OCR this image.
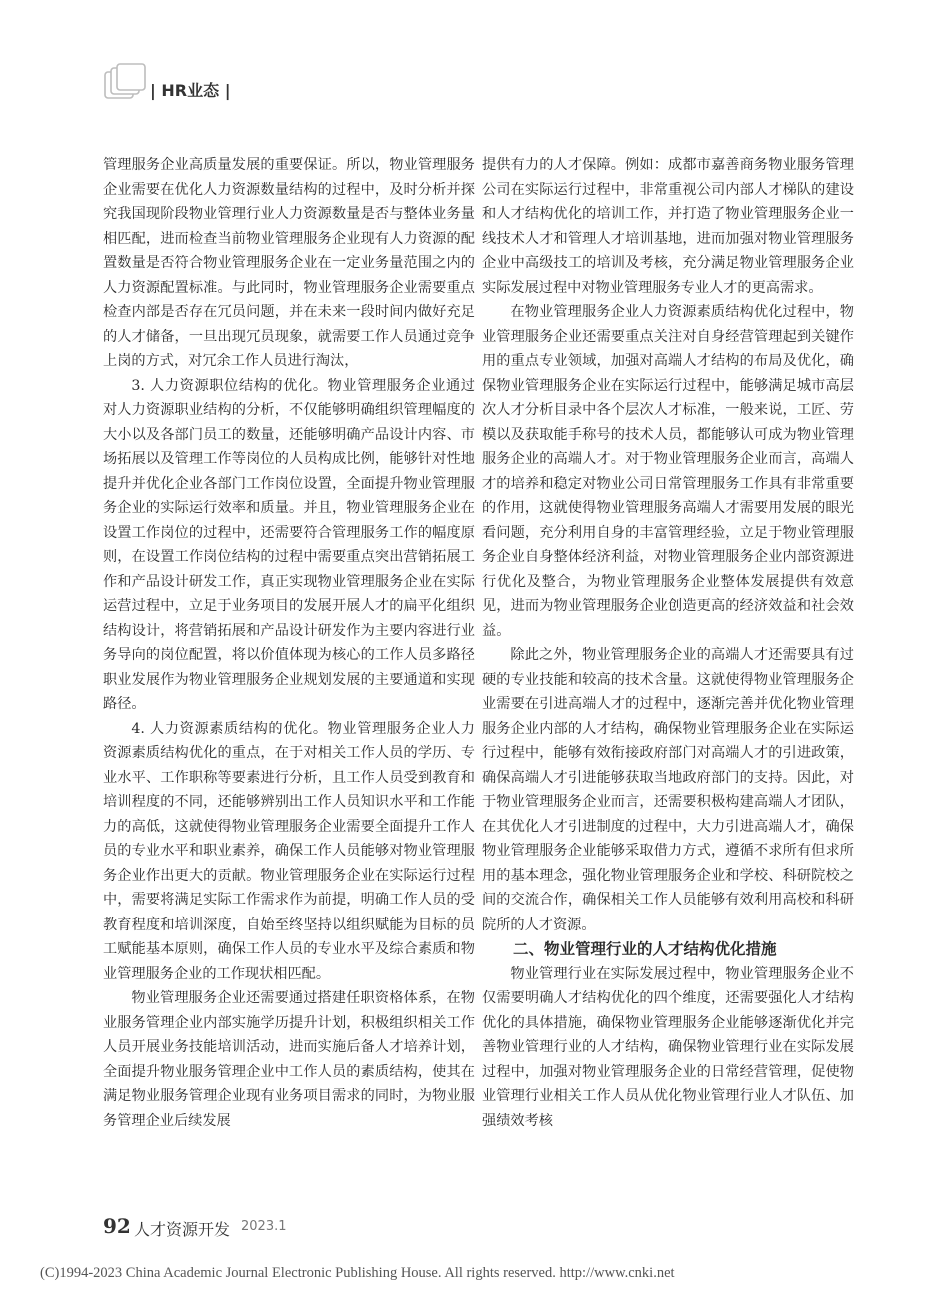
| HR业态 |

管理服务企业高质量发展的重要保证。所以，物业管理服务企业需要在优化人力资源数量结构的过程中，及时分析并探究我国现阶段物业管理行业人力资源数量是否与整体业务量相匹配，进而检查当前物业管理服务企业现有人力资源的配置数量是否符合物业管理服务企业在一定业务量范围之内的人力资源配置标准。与此同时，物业管理服务企业需要重点检查内部是否存在冗员问题，并在未来一段时间内做好充足的人才储备，一旦出现冗员现象，就需要工作人员通过竞争上岗的方式，对冗余工作人员进行淘汰，

3. 人力资源职位结构的优化。物业管理服务企业通过对人力资源职业结构的分析，不仅能够明确组织管理幅度的大小以及各部门员工的数量，还能够明确产品设计内容、市场拓展以及管理工作等岗位的人员构成比例，能够针对性地提升并优化企业各部门工作岗位设置，全面提升物业管理服务企业的实际运行效率和质量。并且，物业管理服务企业在设置工作岗位的过程中，还需要符合管理服务工作的幅度原则，在设置工作岗位结构的过程中需要重点突出营销拓展工作和产品设计研发工作，真正实现物业管理服务企业在实际运营过程中，立足于业务项目的发展开展人才的扁平化组织结构设计，将营销拓展和产品设计研发作为主要内容进行业务导向的岗位配置，将以价值体现为核心的工作人员多路径职业发展作为物业管理服务企业规划发展的主要通道和实现路径。

4. 人力资源素质结构的优化。物业管理服务企业人力资源素质结构优化的重点，在于对相关工作人员的学历、专业水平、工作职称等要素进行分析，且工作人员受到教育和培训程度的不同，还能够辨别出工作人员知识水平和工作能力的高低，这就使得物业管理服务企业需要全面提升工作人员的专业水平和职业素养，确保工作人员能够对物业管理服务企业作出更大的贡献。物业管理服务企业在实际运行过程中，需要将满足实际工作需求作为前提，明确工作人员的受教育程度和培训深度，自始至终坚持以组织赋能为目标的员工赋能基本原则，确保工作人员的专业水平及综合素质和物业管理服务企业的工作现状相匹配。

物业管理服务企业还需要通过搭建任职资格体系，在物业服务管理企业内部实施学历提升计划，积极组织相关工作人员开展业务技能培训活动，进而实施后备人才培养计划，全面提升物业服务管理企业中工作人员的素质结构，使其在满足物业服务管理企业现有业务项目需求的同时，为物业服务管理企业后续发展

提供有力的人才保障。例如：成都市嘉善商务物业服务管理公司在实际运行过程中，非常重视公司内部人才梯队的建设和人才结构优化的培训工作，并打造了物业管理服务企业一线技术人才和管理人才培训基地，进而加强对物业管理服务企业中高级技工的培训及考核，充分满足物业管理服务企业实际发展过程中对物业管理服务专业人才的更高需求。

在物业管理服务企业人力资源素质结构优化过程中，物业管理服务企业还需要重点关注对自身经营管理起到关键作用的重点专业领域，加强对高端人才结构的布局及优化，确保物业管理服务企业在实际运行过程中，能够满足城市高层次人才分析目录中各个层次人才标准，一般来说，工匠、劳模以及获取能手称号的技术人员，都能够认可成为物业管理服务企业的高端人才。对于物业管理服务企业而言，高端人才的培养和稳定对物业公司日常管理服务工作具有非常重要的作用，这就使得物业管理服务高端人才需要用发展的眼光看问题，充分利用自身的丰富管理经验，立足于物业管理服务企业自身整体经济利益，对物业管理服务企业内部资源进行优化及整合，为物业管理服务企业整体发展提供有效意见，进而为物业管理服务企业创造更高的经济效益和社会效益。

除此之外，物业管理服务企业的高端人才还需要具有过硬的专业技能和较高的技术含量。这就使得物业管理服务企业需要在引进高端人才的过程中，逐渐完善并优化物业管理服务企业内部的人才结构，确保物业管理服务企业在实际运行过程中，能够有效衔接政府部门对高端人才的引进政策，确保高端人才引进能够获取当地政府部门的支持。因此，对于物业管理服务企业而言，还需要积极构建高端人才团队，在其优化人才引进制度的过程中，大力引进高端人才，确保物业管理服务企业能够采取借力方式，遵循不求所有但求所用的基本理念，强化物业管理服务企业和学校、科研院校之间的交流合作，确保相关工作人员能够有效利用高校和科研院所的人才资源。

二、物业管理行业的人才结构优化措施

物业管理行业在实际发展过程中，物业管理服务企业不仅需要明确人才结构优化的四个维度，还需要强化人才结构优化的具体措施，确保物业管理服务企业能够逐渐优化并完善物业管理行业的人才结构，确保物业管理行业在实际发展过程中，加强对物业管理服务企业的日常经营管理，促使物业管理行业相关工作人员从优化物业管理行业人才队伍、加强绩效考核

92 人才资源开发 2023.1
(C)1994-2023 China Academic Journal Electronic Publishing House. All rights reserved. http://www.cnki.net
